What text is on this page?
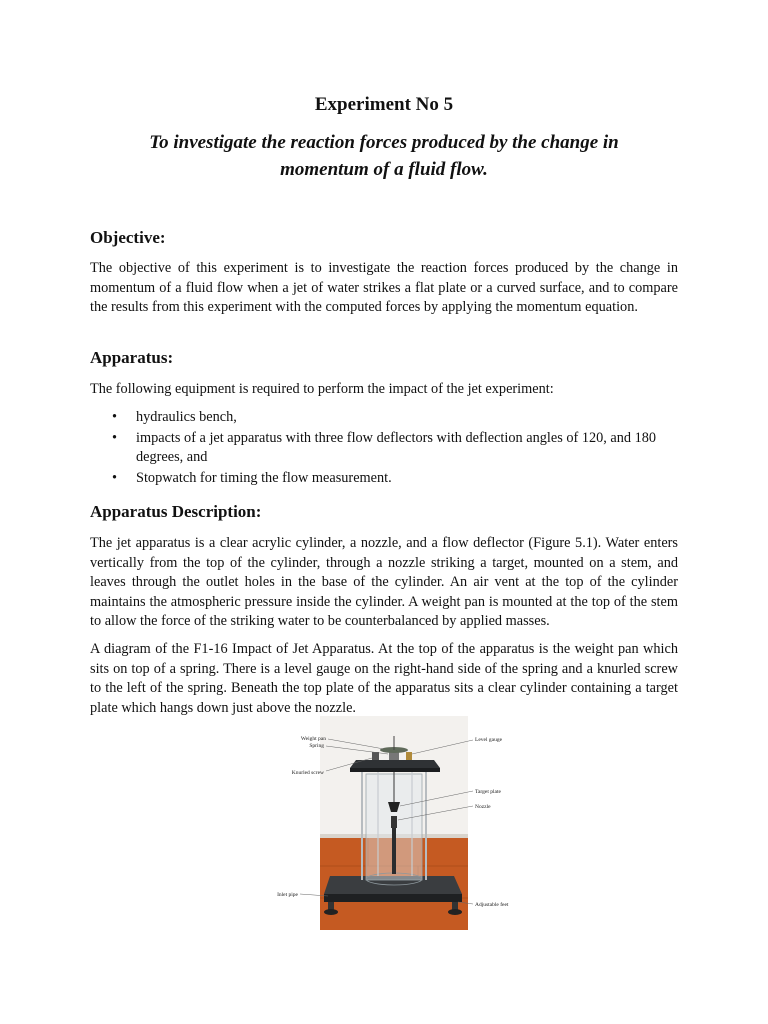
Experiment No 5
To investigate the reaction forces produced by the change in momentum of a fluid flow.
Objective:
The objective of this experiment is to investigate the reaction forces produced by the change in momentum of a fluid flow when a jet of water strikes a flat plate or a curved surface, and to compare the results from this experiment with the computed forces by applying the momentum equation.
Apparatus:
The following equipment is required to perform the impact of the jet experiment:
• hydraulics bench,
• impacts of a jet apparatus with three flow deflectors with deflection angles of 120, and 180 degrees, and
• Stopwatch for timing the flow measurement.
Apparatus Description:
The jet apparatus is a clear acrylic cylinder, a nozzle, and a flow deflector (Figure 5.1). Water enters vertically from the top of the cylinder, through a nozzle striking a target, mounted on a stem, and leaves through the outlet holes in the base of the cylinder. An air vent at the top of the cylinder maintains the atmospheric pressure inside the cylinder. A weight pan is mounted at the top of the stem to allow the force of the striking water to be counterbalanced by applied masses.
A diagram of the F1-16 Impact of Jet Apparatus. At the top of the apparatus is the weight pan which sits on top of a spring. There is a level gauge on the right-hand side of the spring and a knurled screw to the left of the spring. Beneath the top plate of the apparatus sits a clear cylinder containing a target plate which hangs down just above the nozzle.
Weight pan
Spring
Knurled screw
Level gauge
Target plate
Nozzle
Inlet pipe
Adjustable feet
